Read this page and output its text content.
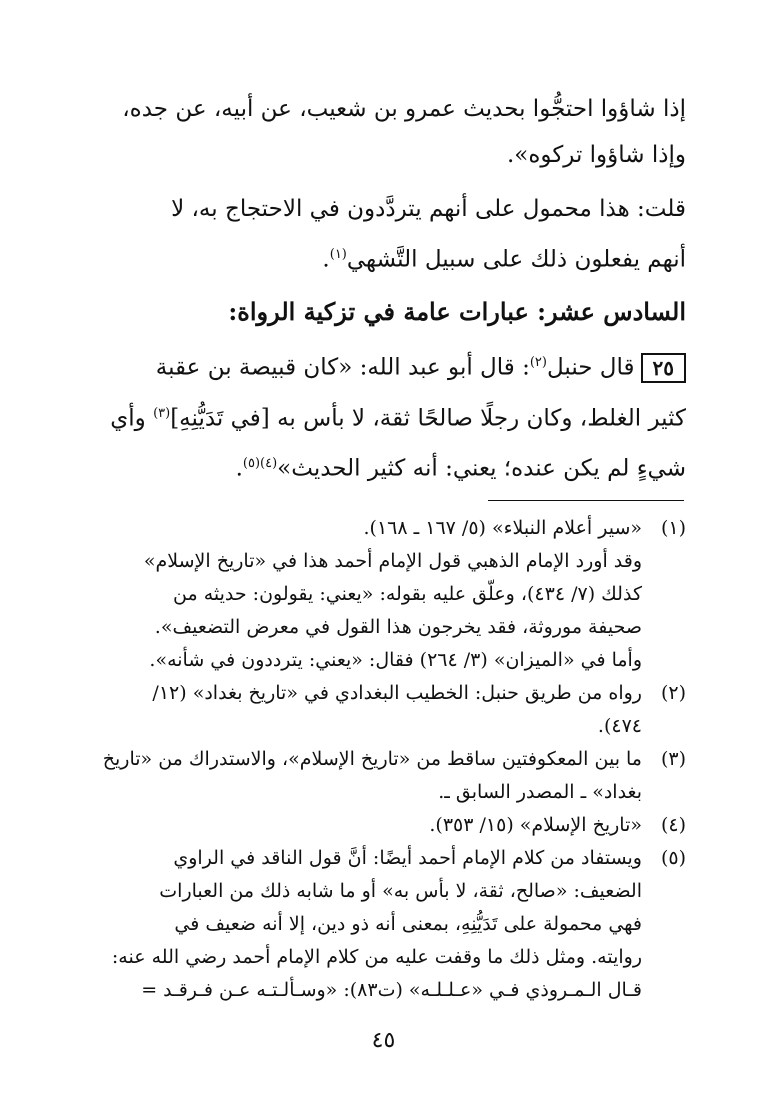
إذا شاؤوا احتجُّوا بحديث عمرو بن شعيب، عن أبيه، عن جده،
وإذا شاؤوا تركوه».
قلت: هذا محمول على أنهم يتردَّدون في الاحتجاج به، لا
أنهم يفعلون ذلك على سبيل التَّشهي$^{(١)}$.
السادس عشر: عبارات عامة في تزكية الرواة:
٢٥قال حنبل$^{(٢)}$: قال أبو عبد الله: «كان قبيصة بن عقبة
كثير الغلط، وكان رجلًا صالحًا ثقة، لا بأس به [في تَدَيُّنِهِ]$^{(٣)}$ وأي
شيءٍ لم يكن عنده؛ يعني: أنه كثير الحديث»$^{(٤)(٥)}$.
(١)
«سير أعلام النبلاء» (٥/ ١٦٧ ـ ١٦٨).
وقد أورد الإمام الذهبي قول الإمام أحمد هذا في «تاريخ الإسلام»
كذلك (٧/ ٤٣٤)، وعلّق عليه بقوله: «يعني: يقولون: حديثه من
صحيفة موروثة، فقد يخرجون هذا القول في معرض التضعيف».
وأما في «الميزان» (٣/ ٢٦٤) فقال: «يعني: يترددون في شأنه».
(٢)
رواه من طريق حنبل: الخطيب البغدادي في «تاريخ بغداد» (١٢/
٤٧٤).
(٣)
ما بين المعكوفتين ساقط من «تاريخ الإسلام»، والاستدراك من «تاريخ
بغداد» ـ المصدر السابق ـ.
(٤)
«تاريخ الإسلام» (١٥/ ٣٥٣).
(٥)
ويستفاد من كلام الإمام أحمد أيضًا: أنَّ قول الناقد في الراوي
الضعيف: «صالح، ثقة، لا بأس به» أو ما شابه ذلك من العبارات
فهي محمولة على تَدَيُّنِهِ، بمعنى أنه ذو دين، إلا أنه ضعيف في
روايته. ومثل ذلك ما وقفت عليه من كلام الإمام أحمد رضي الله عنه:
قـال الـمـروذي فـي «عـلـلـه» (ت٨٣): «وسـألـتـه عـن فـرقـد =
٤٥
